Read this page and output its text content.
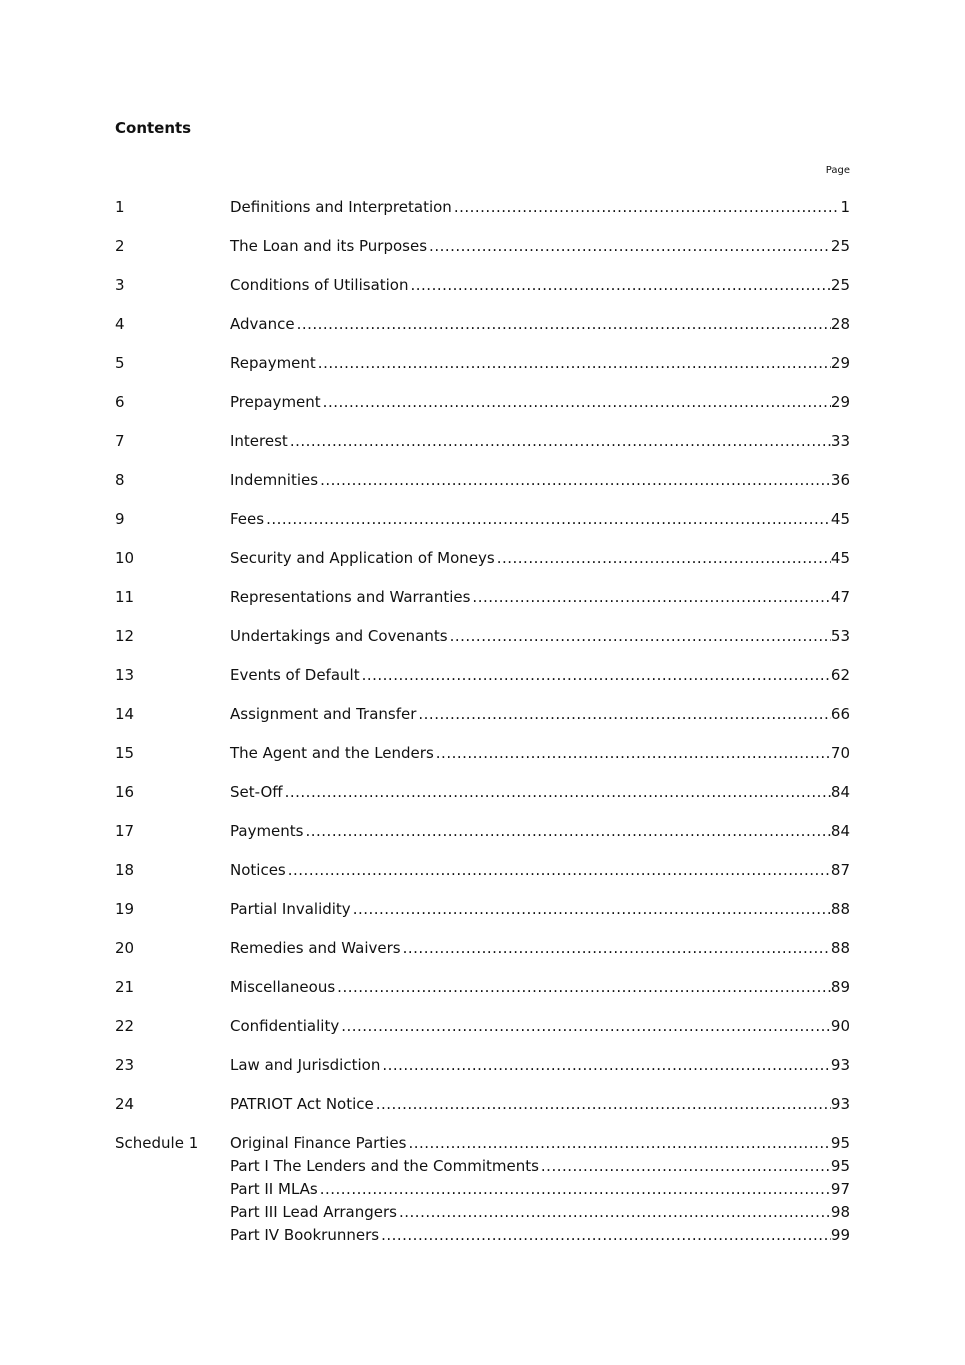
Contents
Page
1	Definitions and Interpretation .....	1
2	The Loan and its Purposes .....	25
3	Conditions of Utilisation .....	25
4	Advance .....	28
5	Repayment .....	29
6	Prepayment .....	29
7	Interest .....	33
8	Indemnities .....	36
9	Fees .....	45
10	Security and Application of Moneys .....	45
11	Representations and Warranties .....	47
12	Undertakings and Covenants .....	53
13	Events of Default .....	62
14	Assignment and Transfer .....	66
15	The Agent and the Lenders .....	70
16	Set-Off .....	84
17	Payments .....	84
18	Notices .....	87
19	Partial Invalidity .....	88
20	Remedies and Waivers .....	88
21	Miscellaneous .....	89
22	Confidentiality .....	90
23	Law and Jurisdiction .....	93
24	PATRIOT Act Notice .....	93
Schedule 1	Original Finance Parties .....	95
Part I The Lenders and the Commitments .....	95
Part II MLAs .....	97
Part III Lead Arrangers .....	98
Part IV Bookrunners .....	99
